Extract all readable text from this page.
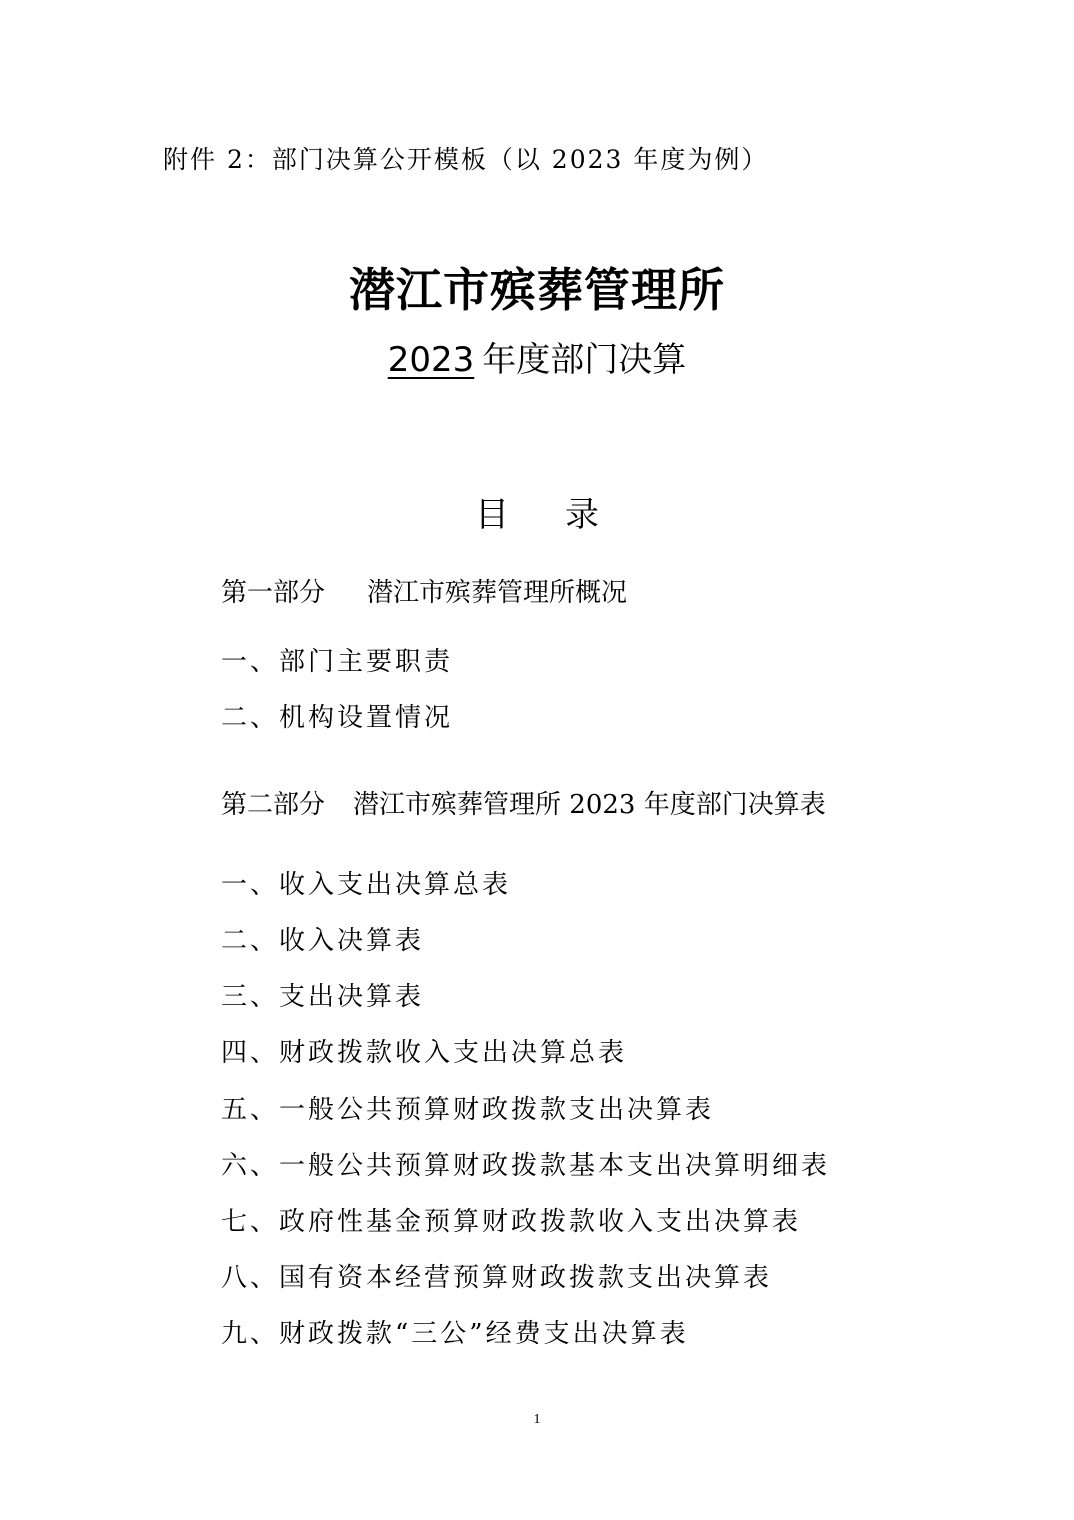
附件 2：部门决算公开模板（以 2023 年度为例）
潜江市殡葬管理所
2023 年度部门决算
目 录
第一部分 潜江市殡葬管理所概况
一、部门主要职责
二、机构设置情况
第二部分 潜江市殡葬管理所 2023 年度部门决算表
一、收入支出决算总表
二、收入决算表
三、支出决算表
四、财政拨款收入支出决算总表
五、一般公共预算财政拨款支出决算表
六、一般公共预算财政拨款基本支出决算明细表
七、政府性基金预算财政拨款收入支出决算表
八、国有资本经营预算财政拨款支出决算表
九、财政拨款“三公”经费支出决算表
1
